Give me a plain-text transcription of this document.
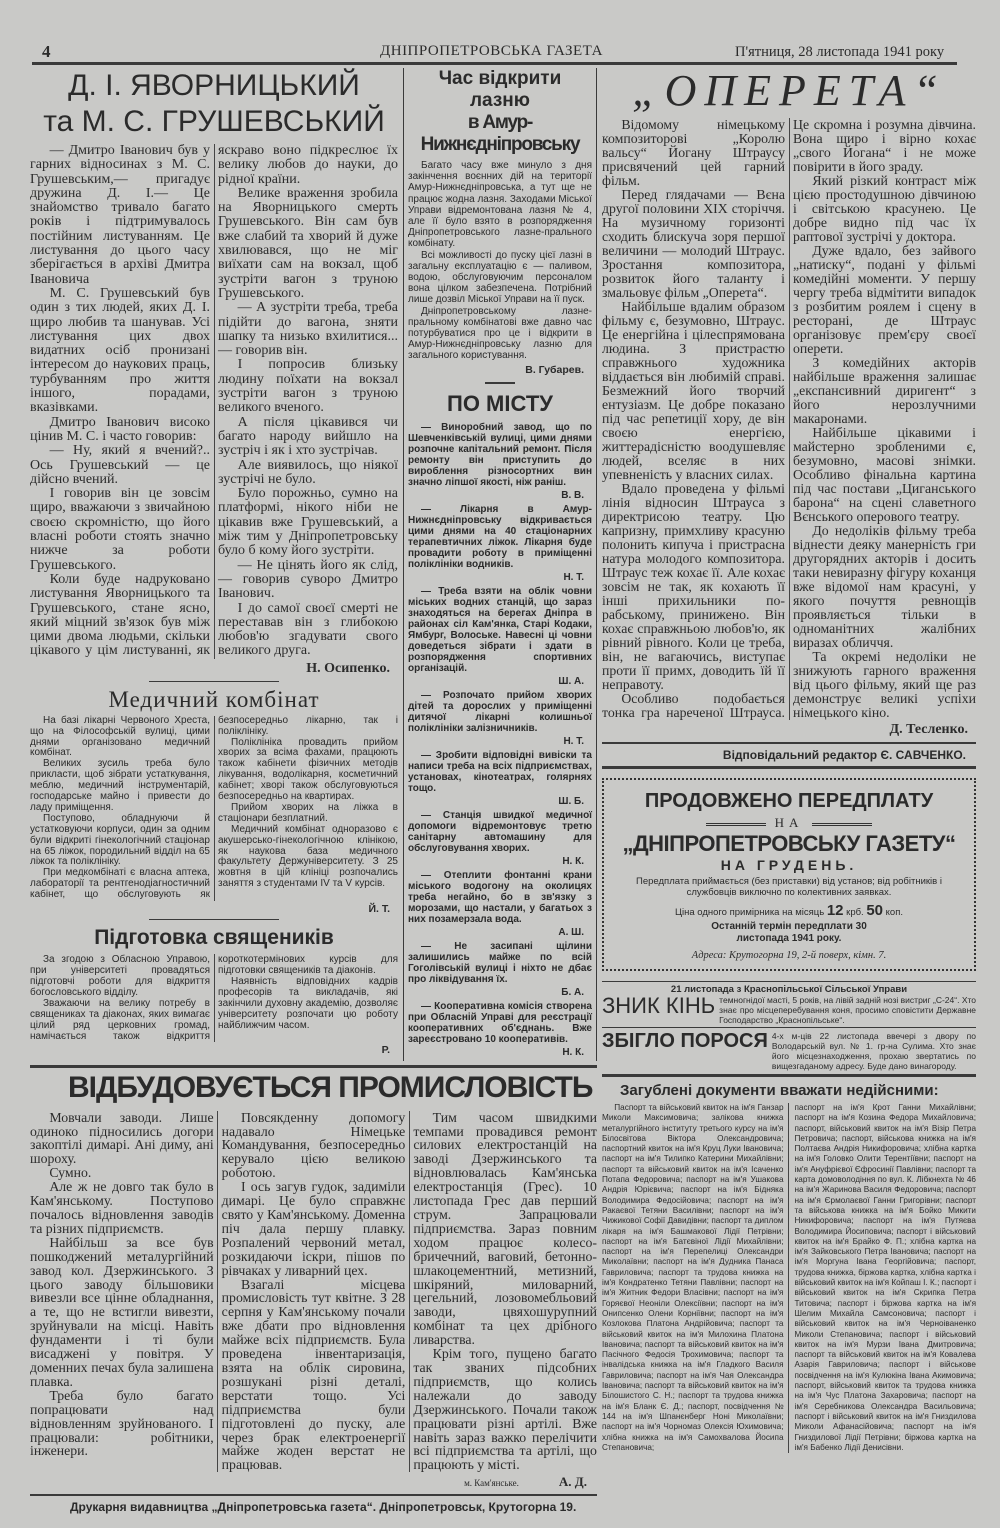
4	ДНІПРОПЕТРОВСЬКА ГАЗЕТА	П'ятниця, 28 листопада 1941 року
Д. І. ЯВОРНИЦЬКИЙ
та М. С. ГРУШЕВСЬКИЙ

— Дмитро Іванович був у гарних відносинах з М. С. Грушевським,— пригадує дружина Д. І.— Це знайомство тривало багато років і підтримувалось постійним листуванням. Це листування до цього часу зберігається в архіві Дмитра Івановича

М. С. Грушевський був один з тих людей, яких Д. І. щиро любив та шанував. Усі листування цих двох видатних осіб пронизані інтересом до наукових праць, турбуванням про життя іншого, порадами, вказівками.

Дмитро Іванович високо цінив М. С. і часто говорив:

— Ну, який я вчений?.. Ось Грушевський — це дійсно вчений.

І говорив він це зовсім щиро, вважаючи з звичайною своєю скромністю, що його власні роботи стоять значно нижче за роботи Грушевського.

Коли буде надруковано листування Яворницького та Грушевського, стане ясно, який міцний зв'язок був між цими двома людьми, скільки цікавого у цім листуванні, як яскраво воно підкреслює їх велику любов до науки, до рідної країни.

Велике враження зробила на Яворницького смерть Грушевського. Він сам був вже слабий та хворий й дуже хвилювався, що не міг виїхати сам на вокзал, щоб зустріти вагон з труною Грушевського.

— А зустріти треба, треба підійти до вагона, зняти шапку та низько вхилитися... — говорив він.

І попросив близьку людину поїхати на вокзал зустріти вагон з труною великого вченого.

А після цікавився чи багато народу вийшло на зустріч і як і хто зустрічав.

Але виявилось, що ніякої зустрічі не було.

Було порожньо, сумно на платформі, нікого ніби не цікавив вже Грушевський, а між тим у Дніпропетровську було б кому його зустріти.

— Не цінять його як слід,— говорив суворо Дмитро Іванович.

І до самої своєї смерті не переставав він з глибокою любов'ю згадувати свого великого друга.

Н. Осипенко.
Медичний комбінат

На базі лікарні Червоного Хреста, що на Філософській вулиці, цими днями організовано медичний комбінат.

Великих зусиль треба було прикласти, щоб зібрати устаткування, меблю, медичний інструментарій, господарське майно і привести до ладу приміщення.

Поступово, обладнуючи й устатковуючи корпуси, один за одним були відкриті гінекологічний стаціонар на 65 ліжок, породильний відділ на 65 ліжок та поліклініку.

При медкомбінаті є власна аптека, лабораторії та рентгенодіагностичний кабінет, що обслуговують як безпосередньо лікарню, так і поліклініку.

Поліклініка провадить прийом хворих за всіма фахами, працюють також кабінети фізичних методів лікування, водолікарня, косметичний кабінет; хворі також обслуговуються безпосередньо на квартирах.

Прийом хворих на ліжка в стаціонари безплатний.

Медичний комбінат одноразово є акушерсько-гінекологічною клінікою, як наукова база медичного факультету Держуніверситету. З 25 жовтня в цій клініці розпочались заняття з студентами IV та V курсів.

Й. Т.
Підготовка священиків

За згодою з Обласною Управою, при університеті провадяться підготовчі роботи для відкриття богословського відділу.

Зважаючи на велику потребу в священиках та діаконах, яких вимагає цілий ряд церковних громад, намічається також відкриття короткотермінових курсів для підготовки священиків та діаконів.

Наявність відповідних кадрів професорів та викладачів, які закінчили духовну академію, дозволяє університету розпочати цю роботу найближчим часом.

Р.
Час відкрити лазню
в Амур-Нижнєдніпровську

Багато часу вже минуло з дня закінчення воєнних дій на території Амур-Нижнєдніпровська, а тут ще не працює жодна лазня. Заходами Міської Управи відремонтована лазня № 4, але її було взято в розпорядження Дніпропетровського лазне-прального комбінату.

Всі можливості до пуску цієї лазні в загальну експлуатацію є — паливом, водою, обслуговуючим персоналом вона цілком забезпечена. Потрібний лише дозвіл Міської Управи на її пуск.

Дніпропетровському лазне-пральному комбінатові вже давно час потурбуватися про це і відкрити в Амур-Нижнєдніпровську лазню для загального користування.

В. Губарев.
ПО МІСТУ

— Виноробний завод, що по Шевченківській вулиці, цими днями розпочне капітальний ремонт. Після ремонту він приступить до вироблення різносортних вин значно ліпшої якості, ніж раніш.

В. В.

— Лікарня в Амур-Нижнєдніпровську відкривається цими днями на 40 стаціонарних терапевтичних ліжок. Лікарня буде провадити роботу в приміщенні поліклініки водників.

Н. Т.

— Треба взяти на облік човни міських водних станцій, що зараз знаходяться на берегах Дніпра в районах сіл Кам'янка, Старі Кодаки, Ямбург, Волоське. Навесні ці човни доведеться зібрати і здати в розпорядження спортивних організацій.

Ш. А.

— Розпочато прийом хворих дітей та дорослих у приміщенні дитячої лікарні колишньої поліклініки залізничників.

Н. Т.

— Зробити відповідні вивіски та написи треба на всіх підприємствах, установах, кінотеатрах, голярнях тощо.

Ш. Б.

— Станція швидкої медичної допомоги відремонтовує третю санітарну автомашину для обслуговування хворих.

Н. К.

— Отеплити фонтанні крани міського водогону на околицях треба негайно, бо в зв'язку з морозами, що настали, у багатьох з них позамерзала вода.

А. Ш.

— Не засипані щілини залишились майже по всій Гоголівській вулиці і ніхто не дбає про ліквідування їх.

Б. А.

— Кооперативна комісія створена при Обласній Управі для реєстрації кооперативних об'єднань. Вже зареєстровано 10 кооперативів.

Н. К.
„ОПЕРЕТА“

Відомому німецькому композиторові „Королю вальсу“ Йогану Штраусу присвячений цей гарний фільм.

Перед глядачами — Вєна другої половини XIX сторіччя. На музичному горизонті сходить блискуча зоря першої величини — молодий Штраус. Зростання композитора, розвиток його таланту і змальовує фільм „Оперета“.

Найбільше вдалим образом фільму є, безумовно, Штраус. Це енергійна і цілеспрямована людина. З пристрастю справжнього художника віддається він любимій справі. Безмежний його творчий ентузіазм. Це добре показано під час репетиції хору, де він своєю енергією, життерадісністю воодушевляє людей, вселяє в них упевненість у власних силах.

Вдало проведена у фільмі лінія відносин Штрауса з директрисою театру. Цю капризну, примхливу красуню полонить кипуча і пристрасна натура молодого композитора. Штраус теж кохає її. Але кохає зовсім не так, як кохають її інші прихильники по-рабському, принижено. Він кохає справжньою любов'ю, як рівний рівного. Коли це треба, він, не вагаючись, виступає проти її примх, доводить їй її неправоту.

Особливо подобається тонка гра нареченої Штрауса. Це скромна і розумна дівчина. Вона щиро і вірно кохає „свого Йогана“ і не може повірити в його зраду.

Який різкий контраст між цією простодушною дівчиною і світською красунею. Це добре видно під час їх раптової зустрічі у доктора.

Дуже вдало, без зайвого „натиску“, подані у фільмі комедійні моменти. У першу чергу треба відмітити випадок з розбитим роялем і сцену в ресторані, де Штраус організовує прем'єру своєї оперети.

З комедійних акторів найбільше враження залишає „експансивний диригент“ з його нерозлучними макаронами.

Найбільше цікавими і майстерно зробленими є, безумовно, масові знімки. Особливо фінальна картина під час постави „Циганського барона“ на сцені славетного Вєнського оперового театру.

До недоліків фільму треба віднести деяку манерність гри другорядних акторів і досить таки невиразну фігуру коханця вже відомої нам красуні, у якого почуття ревнощів проявляється тільки в одноманітних жалібних виразах обличчя.

Та окремі недоліки не знижують гарного враження від цього фільму, який ще раз демонструє великі успіхи німецького кіно.

Д. Тесленко.
Відповідальний редактор Є. САВЧЕНКО.
ПРОДОВЖЕНО ПЕРЕДПЛАТУ
НА
„ДНІПРОПЕТРОВСЬКУ ГАЗЕТУ“
НА ГРУДЕНЬ.
Передплата приймається (без приставки) від установ; від робітників і службовців виключно по колективних заявках.
Ціна одного примірника на місяць 12 крб. 50 коп.
Останній термін передплати 30 листопада 1941 року.
Адреса: Крутогорна 19, 2-й поверх, кімн. 7.
21 листопада з Краснопільської Сільської Управи
ЗНИК КІНЬ темногнідої масті, 5 років, на лівій задній нозі вистриг „С-24“. Хто знає про місцеперебування коня, просимо сповістити Державне Господарство „Краснопільське“.
ЗБІГЛО ПОРОСЯ 4-х м-ців 22 листопада ввечері з двору по Володарській вул. № 1. гр-на Сулима. Хто знає його місцезнаходження, прохаю звертатись по вищезгаданому адресу. Буде дано винагороду.
Загублені документи вважати недійсними:
Паспорт та військовий квиток на ім'я Ганзар Миколи Максимовича; залікова книжка металургійного інституту третього курсу на ім'я Білосвітова Віктора Олександровича; паспортний квиток на ім'я Круц Луки Івановича; паспорт на ім'я Тилипко Катерини Михайлівни; паспорт та військовий квиток на ім'я Ісаченко Потапа Федоровича; паспорт на ім'я Ушакова Андрія Юрієвича; паспорт на ім'я Бідняка Володимира Федосійовича; паспорт на ім'я Ракаєвої Тетяни Василівни; паспорт на ім'я Чижикової Софії Давидівни; паспорт та диплом лікаря на ім'я Башмакової Лідії Петрівни; паспорт на ім'я Батєвіної Лідії Михайлівни; паспорт на ім'я Перепелиці Олександри Миколаївни; паспорт на ім'я Дудника Панаса Гавриловича; паспорт та трудова книжка на ім'я Кондратенко Тетяни Павлівни; паспорт на ім'я Житник Федори Власівни; паспорт на ім'я Горяєвої Неоніли Олексіївни; паспорт на ім'я Онипсенко Олени Корніївни; паспорт на ім'я Козлокова Платона Андрійовича; паспорт та військовий квиток на ім'я Милохина Платона Івановича; паспорт та військовий квиток на ім'я Пасічного Федосія Трохимовича; паспорт та інвалідська книжка на ім'я Гладкого Василя Гавриловича; паспорт на ім'я Чая Олександра Івановича; паспорт та військовий квиток на ім'я Білошистого С. Н.; паспорт та трудова книжка на ім'я Бланк Є. Д.; паспорт, посвідчення № 144 на ім'я Шпанєнберг Ноні Миколаївни; паспорт на ім'я Чорномаз Олексія Юхимовича; хлібна книжка на ім'я Самохвалова Йосипа Степановича;
паспорт на ім'я Крот Ганни Михайлівни; паспорт на ім'я Козина Федора Михайловича; паспорт, військовий квиток на ім'я Візір Петра Петровича; паспорт, військова книжка на ім'я Полтаєва Андрія Никифоровича; хлібна картка на ім'я Головко Олити Терентіївни; паспорт на ім'я Ануфрієвої Єфросинії Павлівни; паспорт та карта домоволодіння по вул. К. Лібкнехта № 46 на ім'я Жаринова Василя Федоровича; паспорт на ім'я Єрмолаєвої Ганни Григорівни; паспорт та військова книжка на ім'я Бойко Микити Никифоровича; паспорт на ім'я Путяєва Володимира Йосиповича; паспорт і військовий квиток на ім'я Брайко Ф. П.; хлібна картка на ім'я Зайковського Петра Івановича; паспорт на ім'я Моргуна Івана Георгійовича; паспорт, трудова книжка, біржова картка, хлібна картка і військовий квиток на ім'я Койпаш І. К.; паспорт і військовий квиток на ім'я Скрипка Петра Титовича; паспорт і біржова картка на ім'я Шелим Михайла Самсоновича; паспорт і військовий квиток на ім'я Черноіваненко Миколи Степановича; паспорт і військовий квиток на ім'я Мурзи Івана Дмитровича; паспорт та військовий квиток на ім'я Ковалева Азарія Гавриловича; паспорт і військове посвідчення на ім'я Кулюкіна Івана Акимовича; паспорт, військовий квиток та трудова книжка на ім'я Чус Платона Захаровича; паспорт на ім'я Серебникова Олександра Васильовича; паспорт і військовий квиток на ім'я Гниздилова Миколи Афанасійовича; паспорт на ім'я Гниздилової Лідії Петрівни; біржова картка на ім'я Бабенко Лідії Денисівни.
ВІДБУДОВУЄТЬСЯ ПРОМИСЛОВІСТЬ

Мовчали заводи. Лише одиноко підносились догори закоптілі димарі. Ані диму, ані шороху.

Сумно.

Але ж не довго так було в Кам'янському. Поступово почалось відновлення заводів та різних підприємств.

Найбільш за все був пошкоджений металургійний завод кол. Дзержинського. З цього заводу більшовики вивезли все цінне обладнання, а те, що не встигли вивезти, зруйнували на місці. Навіть фундаменти і ті були висаджені у повітря. У доменних печах була залишена плавка.

Треба було багато попрацювати над відновленням зруйнованого. І працювали: робітники, інженери.

Повсякденну допомогу надавало Німецьке Командування, безпосередньо керувало цією великою роботою.

І ось загув гудок, задиміли димарі. Це було справжнє свято у Кам'янському. Доменна піч дала першу плавку. Розпалений червоний метал, розкидаючи іскри, пішов по рівчаках у ливарний цех.

Взагалі місцева промисловість тут квітне. З 28 серпня у Кам'янському почали вже дбати про відновлення майже всіх підприємств. Була проведена інвентаризація, взята на облік сировина, розшукані різні деталі, верстати тощо. Усі підприємства були підготовлені до пуску, але через брак електроенергії майже жоден верстат не працював.

Тим часом швидкими темпами провадився ремонт силових електростанцій на заводі Дзержинського та відновлювалась Кам'янська електростанція (Грес). 10 листопада Грес дав перший струм. Запрацювали підприємства. Зараз повним ходом працює колесо-бричечний, ваговий, бетонно-шлакоцементний, метизний, шкіряний, миловарний, цегельний, лозовомебльовий заводи, цвяхошурупний комбінат та цех дрібного ливарства.

Крім того, пущено багато так званих підсобних підприємств, що колись належали до заводу Дзержинського. Почали також працювати різні артілі. Вже навіть зараз важко перелічити всі підприємства та артілі, що працюють у місті.

м. Кам'янське.	А. Д.
Друкарня видавництва „Дніпропетровська газета“. Дніпропетровськ, Крутогорна 19.
